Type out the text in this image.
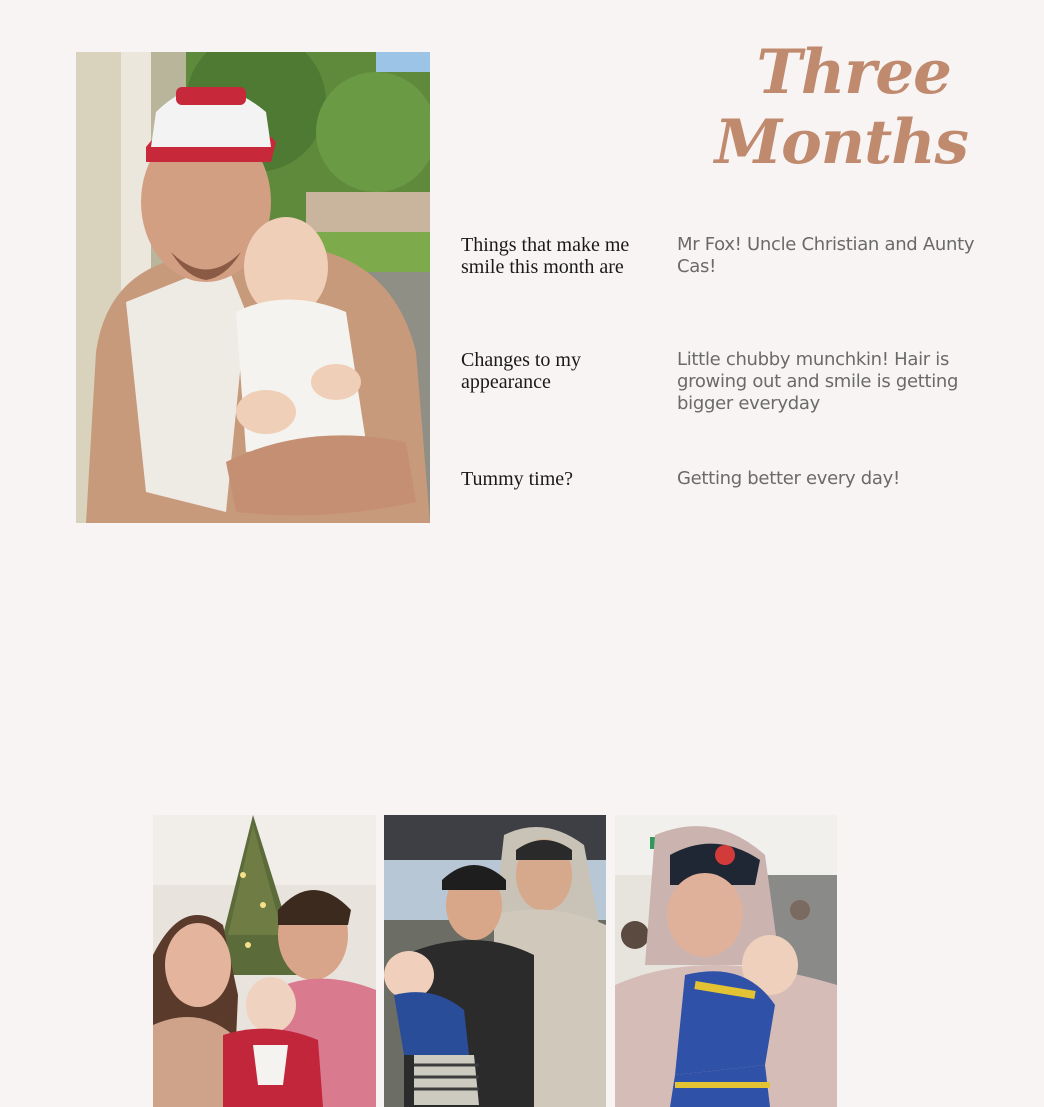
Three
Months
Things that make me smile this month are
Mr Fox! Uncle Christian and Aunty Cas!
Changes to my appearance
Little chubby munchkin! Hair is growing out and smile is getting bigger everyday
Tummy time?	Getting better every day!
